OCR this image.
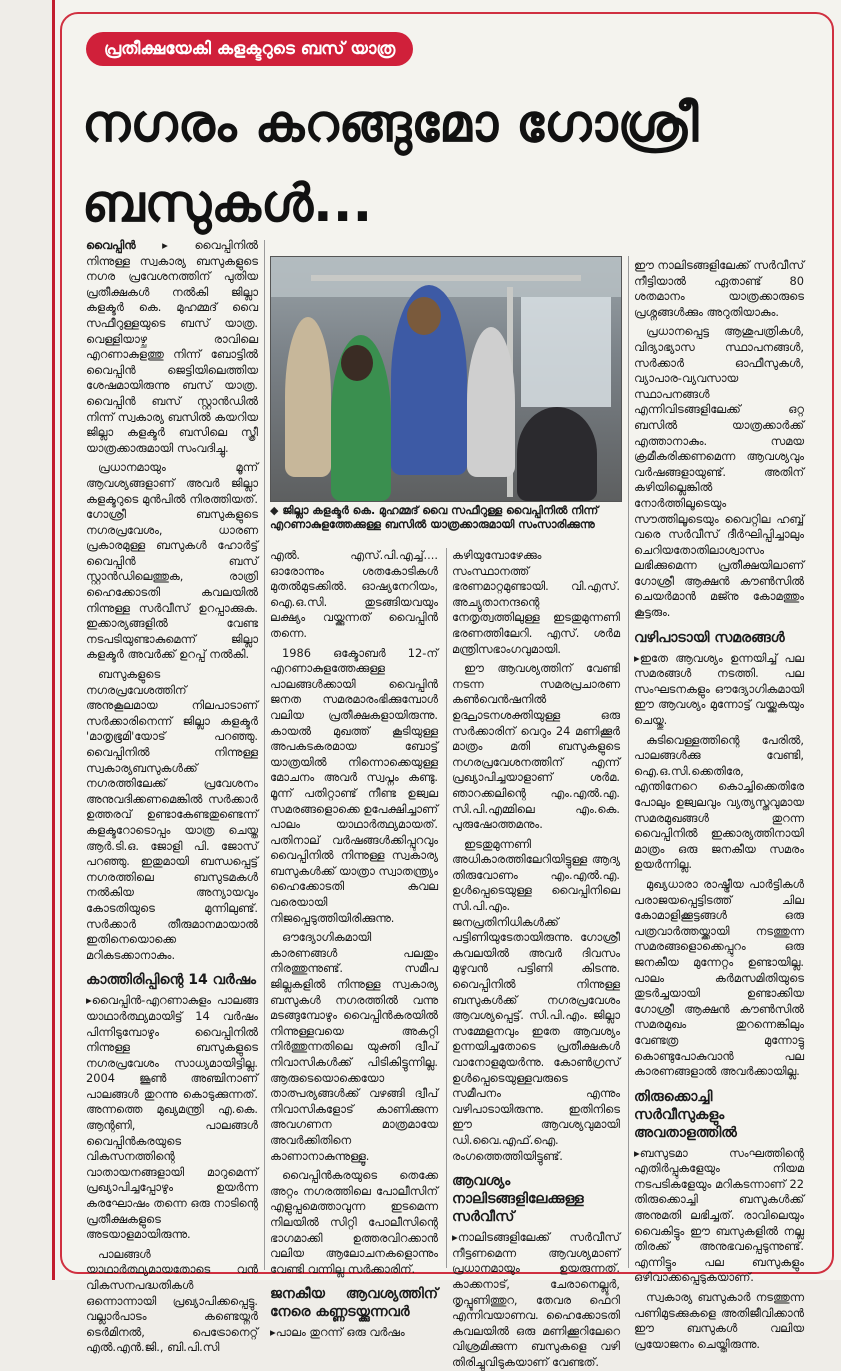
പ്രതീക്ഷയേകി കളക്ടറുടെ ബസ് യാത്ര
നഗരം കറങ്ങുമോ ഗോശ്രീ
ബസുകൾ...

വൈപ്പിൻ ▸ വൈപ്പിനിൽ നിന്നുള്ള സ്വകാര്യ ബസുകളുടെ നഗര പ്രവേശനത്തിന് പുതിയ പ്രതീക്ഷകൾ നൽകി ജില്ലാ കളക്ടർ കെ. മുഹമ്മദ് വൈ സഫീറുള്ളയുടെ ബസ് യാത്ര. വെള്ളിയാഴ്ച രാവിലെ എറണാകുളത്തു നിന്ന് ബോട്ടിൽ വൈപ്പിൻ ജെട്ടിയിലെത്തിയ ശേഷമായിരുന്നു ബസ് യാത്ര. വൈപ്പിൻ ബസ് സ്റ്റാൻഡിൽ നിന്ന് സ്വകാര്യ ബസിൽ കയറിയ ജില്ലാ കളക്ടർ ബസിലെ സ്ത്രീ യാത്രക്കാരുമായി സംവദിച്ചു.

പ്രധാനമായും മൂന്ന് ആവശ്യങ്ങളാണ് അവർ ജില്ലാ കളക്ടറുടെ മുൻപിൽ നിരത്തിയത്. ഗോശ്രീ ബസുകളുടെ നഗരപ്രവേശം, ധാരണ പ്രകാരമുള്ള ബസുകൾ ഹോർട്ട് വൈപ്പിൻ ബസ് സ്റ്റാൻഡിലെത്തുക, രാത്രി ഹൈക്കോടതി കവലയിൽ നിന്നുള്ള സർവീസ് ഉറപ്പാക്കുക. ഇക്കാര്യങ്ങളിൽ വേണ്ട നടപടിയുണ്ടാകുമെന്ന് ജില്ലാ കളക്ടർ അവർക്ക് ഉറപ്പ് നൽകി.

ബസുകളുടെ നഗരപ്രവേശത്തിന് അനുകൂലമായ നിലപാടാണ് സർക്കാരിനെന്ന് ജില്ലാ കളക്ടർ 'മാതൃഭൂമി'യോട് പറഞ്ഞു. വൈപ്പിനിൽ നിന്നുള്ള സ്വകാര്യബസുകൾക്ക് നഗരത്തിലേക്ക് പ്രവേശനം അനുവദിക്കണമെങ്കിൽ സർക്കാർ ഉത്തരവ് ഉണ്ടാകേണ്ടതുണ്ടെന്ന് കളക്ടറോടൊപ്പം യാത്ര ചെയ്ത ആർ.ടി.ഒ. ജോളി പി. ജോസ് പറഞ്ഞു. ഇതുമായി ബന്ധപ്പെട്ട് നഗരത്തിലെ ബസുടമകൾ നൽകിയ അന്യായവും കോടതിയുടെ മുന്നിലുണ്ട്. സർക്കാർ തീരുമാനമായാൽ ഇതിനെയൊക്കെ മറികടക്കാനാകും.

കാത്തിരിപ്പിന്റെ 14 വർഷം

▸വൈപ്പിൻ-എറണാകുളം പാലങ്ങ യാഥാർത്ഥ്യമായിട്ട് 14 വർഷം പിന്നിടുമ്പോഴും വൈപ്പിനിൽ നിന്നുള്ള ബസുകളുടെ നഗരപ്രവേശം സാധ്യമായിട്ടില്ല. 2004 ജൂൺ അഞ്ചിനാണ് പാലങ്ങൾ തുറന്നു കൊടുക്കുന്നത്. അന്നത്തെ മുഖ്യമന്ത്രി എ.കെ. ആന്റണി, പാലങ്ങൾ വൈപ്പിൻകരയുടെ വികസനത്തിന്റെ വാതായനങ്ങളായി മാറുമെന്ന് പ്രഖ്യാപിച്ചപ്പോഴും ഉയർന്ന കരഘോഷം തന്നെ ഒരു നാടിന്റെ പ്രതീക്ഷകളുടെ അടയാളമായിരുന്നു.

പാലങ്ങൾ യാഥാർത്ഥ്യമായതോടെ വൻ വികസനപദ്ധതികൾ ഒന്നൊന്നായി പ്രഖ്യാപിക്കപ്പെട്ടു. വല്ലാർപാടം കണ്ടെയ്നർ ടെർമിനൽ, പെട്രോനെറ്റ് എൽ.എൻ.ജി., ബി.പി.സി

◆ ജില്ലാ കളക്ടർ കെ. മുഹമ്മദ് വൈ സഫീറുള്ള വൈപ്പിനിൽ നിന്ന് എറണാകുളത്തേക്കുള്ള ബസിൽ യാത്രക്കാരുമായി സംസാരിക്കുന്നു

എൽ. എസ്.പി.എച്ച്.... ഓരോന്നും ശതകോടികൾ മുതൽമുടക്കിൽ. ഓഷ്യനേറിയം, ഐ.ഒ.സി. തുടങ്ങിയവയും ലക്ഷ്യം വയ്ക്കുന്നത് വൈപ്പിൻ തന്നെ.

1986 ഒക്ടോബർ 12-ന് എറണാകുളത്തേക്കുള്ള പാലങ്ങൾക്കായി വൈപ്പിൻ ജനത സമരമാരംഭിക്കുമ്പോൾ വലിയ പ്രതീക്ഷകളായിരുന്നു. കായൽ മുഖത്ത് കൂടിയുള്ള അപകടകരമായ ബോട്ട് യാത്രയിൽ നിന്നൊക്കെയുള്ള മോചനം അവർ സ്വപ്നം കണ്ടു. മൂന്ന് പതിറ്റാണ്ട് നീണ്ട ഉജ്വല സമരങ്ങളൊക്കെ ഉപേക്ഷിച്ചാണ് പാലം യാഥാർത്ഥ്യമായത്. പതിനാല് വർഷങ്ങൾക്കിപ്പുറവും വൈപ്പിനിൽ നിന്നുള്ള സ്വകാര്യ ബസുകൾക്ക് യാത്രാ സ്വാതന്ത്ര്യം ഹൈക്കോടതി കവല വരെയായി നിജപ്പെടുത്തിയിരിക്കുന്നു.

ഔദ്യോഗികമായി കാരണങ്ങൾ പലതും നിരത്തുന്നുണ്ട്. സമീപ ജില്ലകളിൽ നിന്നുള്ള സ്വകാര്യ ബസുകൾ നഗരത്തിൽ വന്നു മടങ്ങുമ്പോഴും വൈപ്പിൻകരയിൽ നിന്നുള്ളവയെ അകറ്റി നിർത്തുന്നതിലെ യുക്തി ദ്വീപ് നിവാസികൾക്ക് പിടികിട്ടുന്നില്ല. ആരുടെയൊക്കെയോ താത്പര്യങ്ങൾക്ക് വഴങ്ങി ദ്വീപ് നിവാസികളോട് കാണിക്കുന്ന അവഗണന മാത്രമായേ അവർക്കിതിനെ കാണാനാകുന്നുള്ളൂ.

വൈപ്പിൻകരയുടെ തെക്കേ അറ്റം നഗരത്തിലെ പോലീസിന് എളുപ്പമെത്താവുന്ന ഇടമെന്ന നിലയിൽ സിറ്റി പോലീസിന്റെ ഭാഗമാക്കി ഉത്തരവിറക്കാൻ വലിയ ആലോചനകളൊന്നും വേണ്ടി വന്നില്ല സർക്കാരിന്.

ജനകീയ ആവശ്യത്തിന് നേരെ കണ്ണടയ്ക്കുന്നവർ

▸പാലം തുറന്ന് ഒരു വർഷം

കഴിയുമ്പോഴേക്കും സംസ്ഥാനത്ത് ഭരണമാറ്റമുണ്ടായി. വി.എസ്. അച്യുതാനന്ദന്റെ നേതൃത്വത്തിലുള്ള ഇടതുമുന്നണി ഭരണത്തിലേറി. എസ്. ശർമ മന്ത്രിസഭാംഗവുമായി.

ഈ ആവശ്യത്തിന് വേണ്ടി നടന്ന സമരപ്രചാരണ കൺവെൻഷനിൽ ഉദ്ഘാടനശക്തിയുള്ള ഒരു സർക്കാരിന് വെറും 24 മണിക്കൂർ മാത്രം മതി ബസുകളുടെ നഗരപ്രവേശനത്തിന് എന്ന് പ്രഖ്യാപിച്ചയാളാണ് ശർമ. ഞാറക്കലിന്റെ എം.എൽ.എ. സി.പി.എമ്മിലെ എം.കെ. പുരുഷോത്തമനും.

ഇടതുമുന്നണി അധികാരത്തിലേറിയിട്ടുള്ള ആദ്യ തിരുവോണം എം.എൽ.എ. ഉൾപ്പെടെയുള്ള വൈപ്പിനിലെ സി.പി.എം. ജനപ്രതിനിധികൾക്ക് പട്ടിണിയുടേതായിരുന്നു. ഗോശ്രീ കവലയിൽ അവർ ദിവസം മുഴുവൻ പട്ടിണി കിടന്നു. വൈപ്പിനിൽ നിന്നുള്ള ബസുകൾക്ക് നഗരപ്രവേശം ആവശ്യപ്പെട്ട്. സി.പി.എം. ജില്ലാ സമ്മേളനവും ഇതേ ആവശ്യം ഉന്നയിച്ചതോടെ പ്രതീക്ഷകൾ വാനോളമുയർന്നു. കോൺഗ്രസ് ഉൾപ്പെടെയുള്ളവരുടെ സമീപനം എന്നും വഴിപാടായിരുന്നു. ഇതിനിടെ ഈ ആവശ്യവുമായി ഡി.വൈ.എഫ്.ഐ. രംഗത്തെത്തിയിട്ടുണ്ട്.

ആവശ്യം നാലിടങ്ങളിലേക്കുള്ള സർവീസ്

▸നാലിടങ്ങളിലേക്ക് സർവീസ് നീട്ടണമെന്ന ആവശ്യമാണ് പ്രധാനമായും ഉയരുന്നത്. കാക്കനാട്, ചേരാനെല്ലൂർ, തൃപ്പൂണിത്തുറ, തേവര ഫെറി എന്നിവയാണവ. ഹൈക്കോടതി കവലയിൽ ഒരു മണിക്കൂറിലേറെ വിശ്രമിക്കുന്ന ബസുകളെ വഴി തിരിച്ചുവിടുകയാണ് വേണ്ടത്.

ഈ നാലിടങ്ങളിലേക്ക് സർവീസ് നീട്ടിയാൽ ഏതാണ്ട് 80 ശതമാനം യാത്രക്കാരുടെ പ്രശ്നങ്ങൾക്കും അറുതിയാകും.

പ്രധാനപ്പെട്ട ആശുപത്രികൾ, വിദ്യാഭ്യാസ സ്ഥാപനങ്ങൾ, സർക്കാർ ഓഫീസുകൾ, വ്യാപാര-വ്യവസായ സ്ഥാപനങ്ങൾ എന്നിവിടങ്ങളിലേക്ക് ഒറ്റ ബസിൽ യാത്രക്കാർക്ക് എത്താനാകും. സമയ ക്രമീകരിക്കണമെന്ന ആവശ്യവും വർഷങ്ങളായുണ്ട്. അതിന് കഴിയില്ലെങ്കിൽ നോർത്തിലൂടെയും സൗത്തിലൂടെയും വൈറ്റില ഹബ്ബ് വരെ സർവീസ് ദീർഘിപ്പിച്ചാലും ചെറിയതോതിലാശ്വാസം ലഭിക്കുമെന്ന പ്രതീക്ഷയിലാണ് ഗോശ്രീ ആക്ഷൻ കൗൺസിൽ ചെയർമാൻ മജ്നു കോമത്തും കൂട്ടരും.

വഴിപാടായി സമരങ്ങൾ

▸ഇതേ ആവശ്യം ഉന്നയിച്ച് പല സമരങ്ങൾ നടത്തി. പല സംഘടനകളും ഔദ്യോഗികമായി ഈ ആവശ്യം മുന്നോട്ട് വയ്ക്കുകയും ചെയ്തു.

കുടിവെള്ളത്തിന്റെ പേരിൽ, പാലങ്ങൾക്കു വേണ്ടി, ഐ.ഒ.സി.ക്കെതിരേ, എന്തിനേറെ കൊച്ചിക്കെതിരേ പോലും ഉജ്വലവും വ്യത്യസ്തവുമായ സമരമുഖങ്ങൾ തുറന്ന വൈപ്പിനിൽ ഇക്കാര്യത്തിനായി മാത്രം ഒരു ജനകീയ സമരം ഉയർന്നില്ല.

മുഖ്യധാരാ രാഷ്ട്രീയ പാർട്ടികൾ പരാജയപ്പെട്ടിടത്ത് ചില കോമാളിക്കൂട്ടങ്ങൾ ഒരു പത്രവാർത്തയ്ക്കായി നടത്തുന്ന സമരങ്ങളൊക്കെപ്പുറം ഒരു ജനകീയ മുന്നേറ്റം ഉണ്ടായില്ല. പാലം കർമസമിതിയുടെ തുടർച്ചയായി ഉണ്ടാക്കിയ ഗോശ്രീ ആക്ഷൻ കൗൺസിൽ സമരമുഖം തുറന്നെങ്കിലും വേണ്ടത്ര മുന്നോട്ടു കൊണ്ടുപോകുവാൻ പല കാരണങ്ങളാൽ അവർക്കായില്ല.

തിരുക്കൊച്ചി സർവീസുകളും അവതാളത്തിൽ

▸ബസുടമാ സംഘത്തിന്റെ എതിർപ്പുകളേയും നിയമ നടപടികളേയും മറികടന്നാണ് 22 തിരുക്കൊച്ചി ബസുകൾക്ക് അനുമതി ലഭിച്ചത്. രാവിലെയും വൈകിട്ടും ഈ ബസുകളിൽ നല്ല തിരക്ക് അനുഭവപ്പെടുന്നുണ്ട്. എന്നിട്ടും പല ബസുകളും ഒഴിവാക്കപ്പെടുകയാണ്.

സ്വകാര്യ ബസുകാർ നടത്തുന്ന പണിമുടക്കുകളെ അതിജീവിക്കാൻ ഈ ബസുകൾ വലിയ പ്രയോജനം ചെയ്തിരുന്നു.
